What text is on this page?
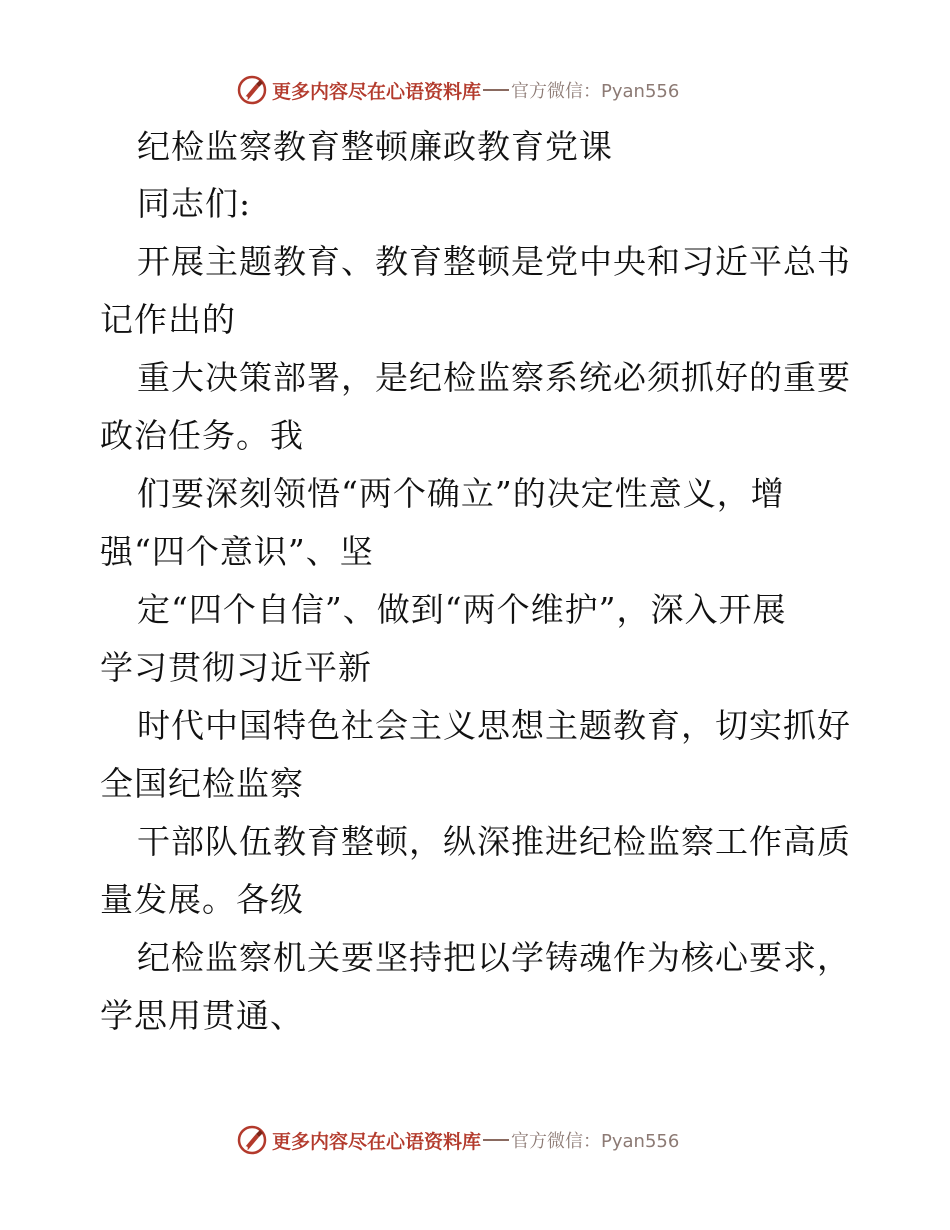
更多内容尽在心语资料库 官方微信：Pyan556
纪检监察教育整顿廉政教育党课
同志们:
开展主题教育、教育整顿是党中央和习近平总书
记作出的
重大决策部署，是纪检监察系统必须抓好的重要
政治任务。我
们要深刻领悟“两个确立”的决定性意义，增
强“四个意识”、坚
定“四个自信”、做到“两个维护”，深入开展
学习贯彻习近平新
时代中国特色社会主义思想主题教育，切实抓好
全国纪检监察
干部队伍教育整顿，纵深推进纪检监察工作高质
量发展。各级
纪检监察机关要坚持把以学铸魂作为核心要求，
学思用贯通、
更多内容尽在心语资料库 官方微信：Pyan556
